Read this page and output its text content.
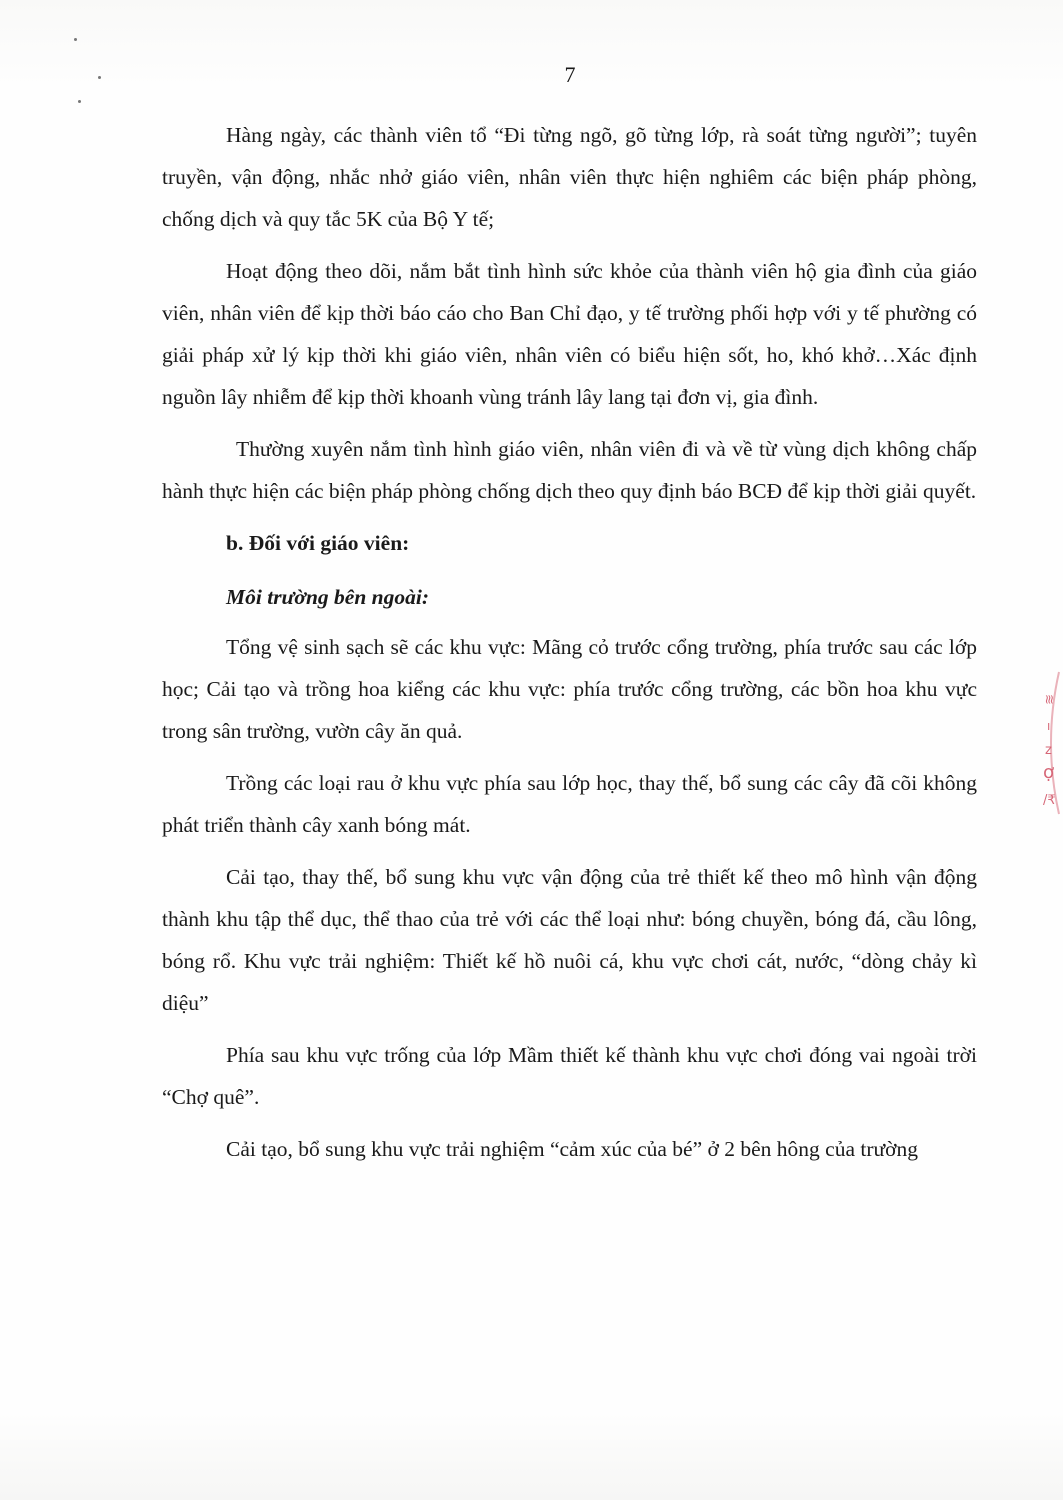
7

Hàng ngày, các thành viên tổ “Đi từng ngõ, gõ từng lớp, rà soát từng người”; tuyên truyền, vận động, nhắc nhở giáo viên, nhân viên thực hiện nghiêm các biện pháp phòng, chống dịch và quy tắc 5K của Bộ Y tế;

Hoạt động theo dõi, nắm bắt tình hình sức khỏe của thành viên hộ gia đình của giáo viên, nhân viên để kịp thời báo cáo cho Ban Chỉ đạo, y tế trường phối hợp với y tế phường có giải pháp xử lý kịp thời khi giáo viên, nhân viên có biểu hiện sốt, ho, khó khở…Xác định nguồn lây nhiễm để kịp thời khoanh vùng tránh lây lang tại đơn vị, gia đình.

Thường xuyên nắm tình hình giáo viên, nhân viên đi và về từ vùng dịch không chấp hành thực hiện các biện pháp phòng chống dịch theo quy định báo BCĐ để kịp thời giải quyết.

b. Đối với giáo viên:

Môi trường bên ngoài:

Tổng vệ sinh sạch sẽ các khu vực: Mãng cỏ trước cổng trường, phía trước sau các lớp học; Cải tạo và trồng hoa kiểng các khu vực: phía trước cổng trường, các bồn hoa khu vực trong sân trường, vườn cây ăn quả.

Trồng các loại rau ở khu vực phía sau lớp học, thay thế, bổ sung các cây đã cõi không phát triển thành cây xanh bóng mát.

Cải tạo, thay thế, bổ sung khu vực vận động của trẻ thiết kế theo mô hình vận động thành khu tập thể dục, thể thao của trẻ với các thể loại như: bóng chuyền, bóng đá, cầu lông, bóng rổ. Khu vực trải nghiệm: Thiết kế hồ nuôi cá, khu vực chơi cát, nước, “dòng chảy kì diệu”

Phía sau khu vực trống của lớp Mầm thiết kế thành khu vực chơi đóng vai ngoài trời “Chợ quê”.

Cải tạo, bổ sung khu vực trải nghiệm “cảm xúc của bé” ở 2 bên hông của trường

≋
ı
z
ợ
/₹
